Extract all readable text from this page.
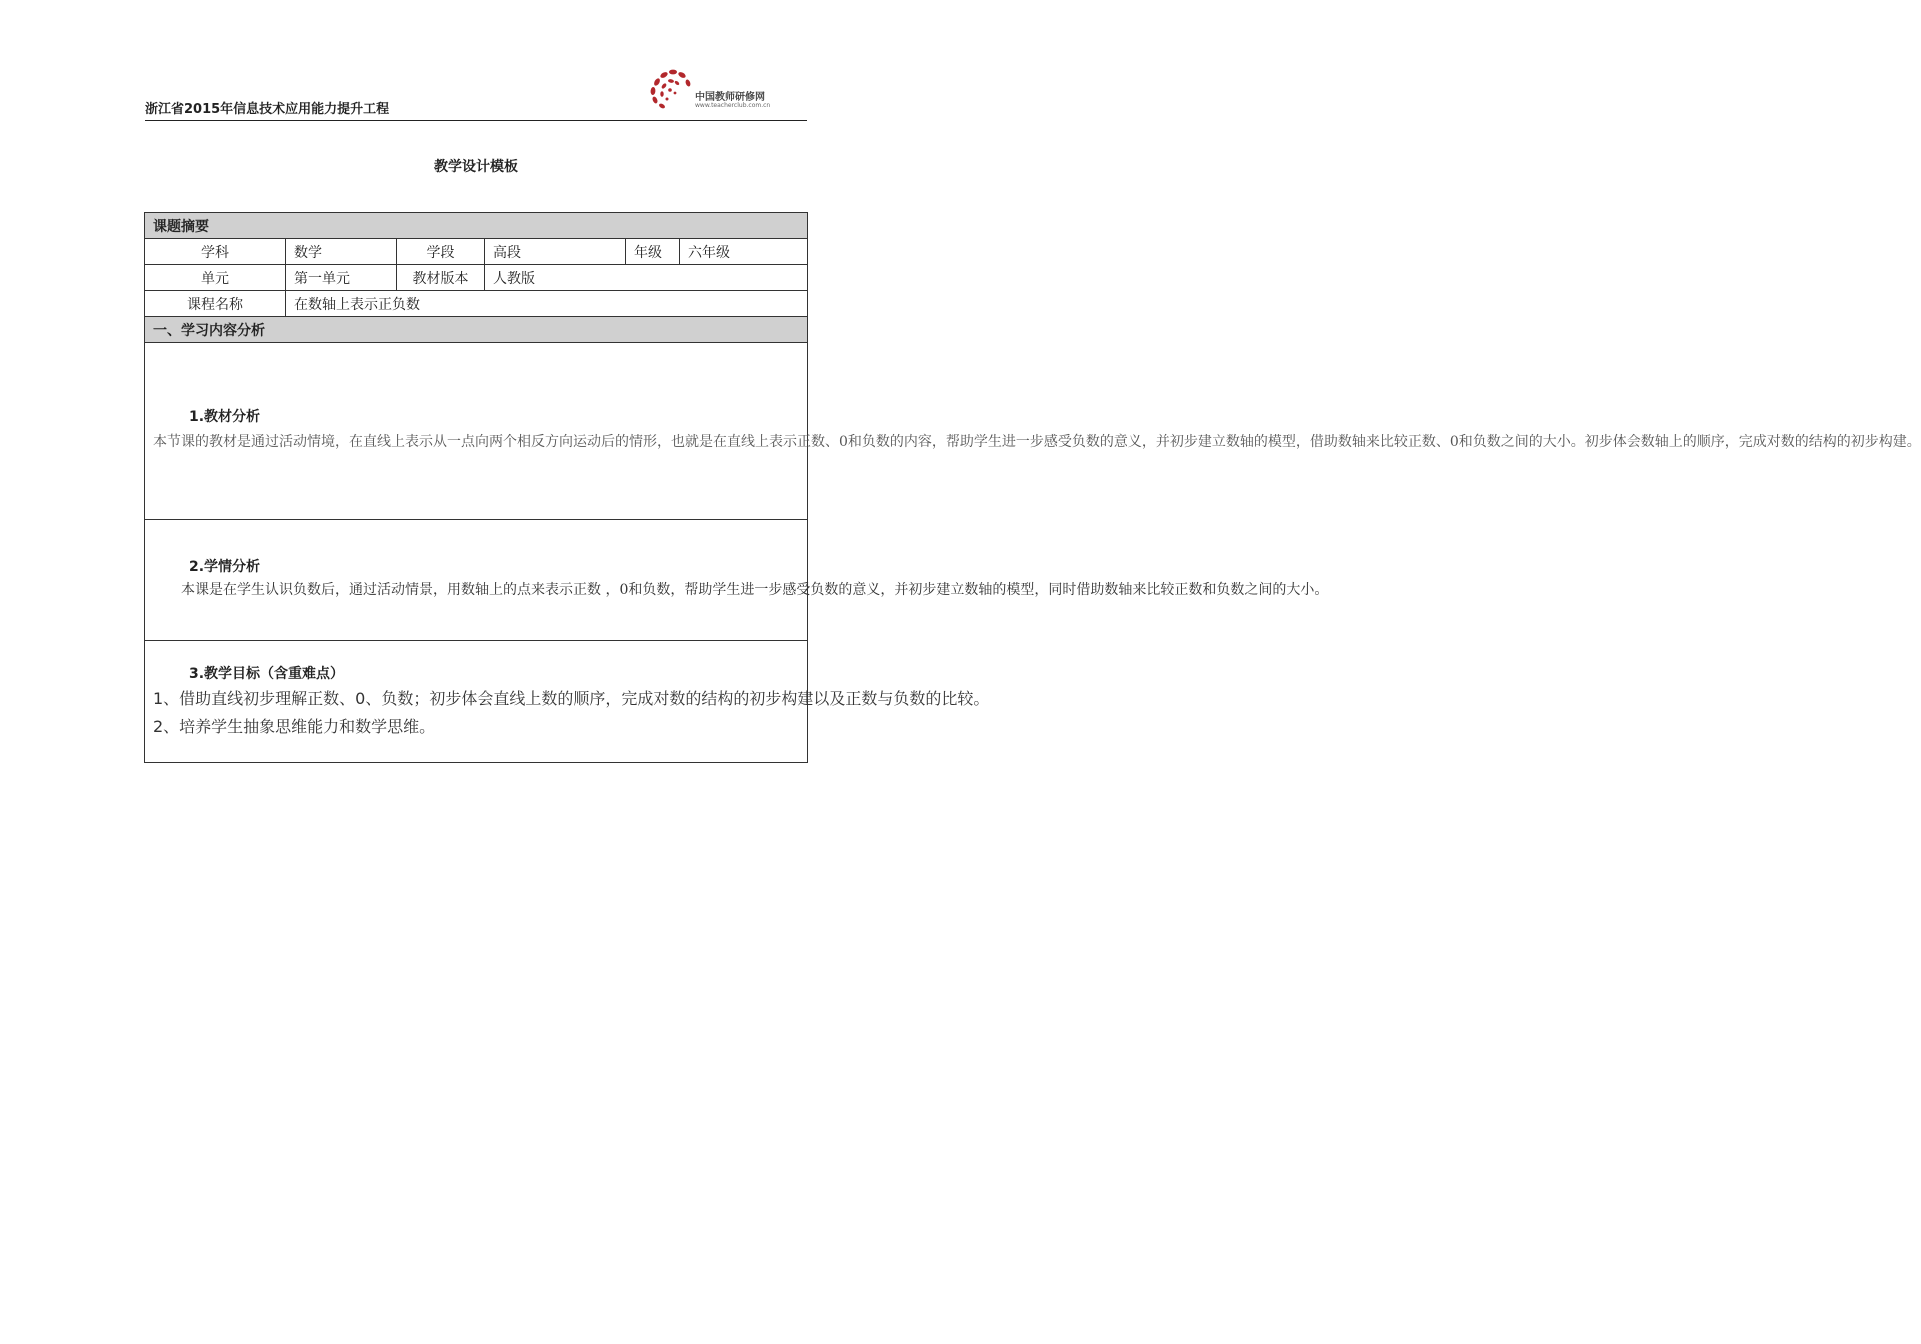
浙江省2015年信息技术应用能力提升工程
中国教师研修网
www.teacherclub.com.cn
教学设计模板
课题摘要					
学科	数学	学段	高段	年级	六年级
单元	第一单元	教材版本	人教版		
课程名称	在数轴上表示正负数				
一、学习内容分析					

1.教材分析
本节课的教材是通过活动情境，在直线上表示从一点向两个相反方向运动后的情形，也就是在直线上表示正数、0和负数的内容，帮助学生进一步感受负数的意义，并初步建立数轴的模型，借助数轴来比较正数、0和负数之间的大小。初步体会数轴上的顺序，完成对数的结构的初步构建。					

2.学情分析
本课是在学生认识负数后，通过活动情景，用数轴上的点来表示正数 ，0和负数，帮助学生进一步感受负数的意义，并初步建立数轴的模型，同时借助数轴来比较正数和负数之间的大小。					

3.教学目标（含重难点）
1、借助直线初步理解正数、0、负数；初步体会直线上数的顺序，完成对数的结构的初步构建以及正数与负数的比较。
2、培养学生抽象思维能力和数学思维。					
